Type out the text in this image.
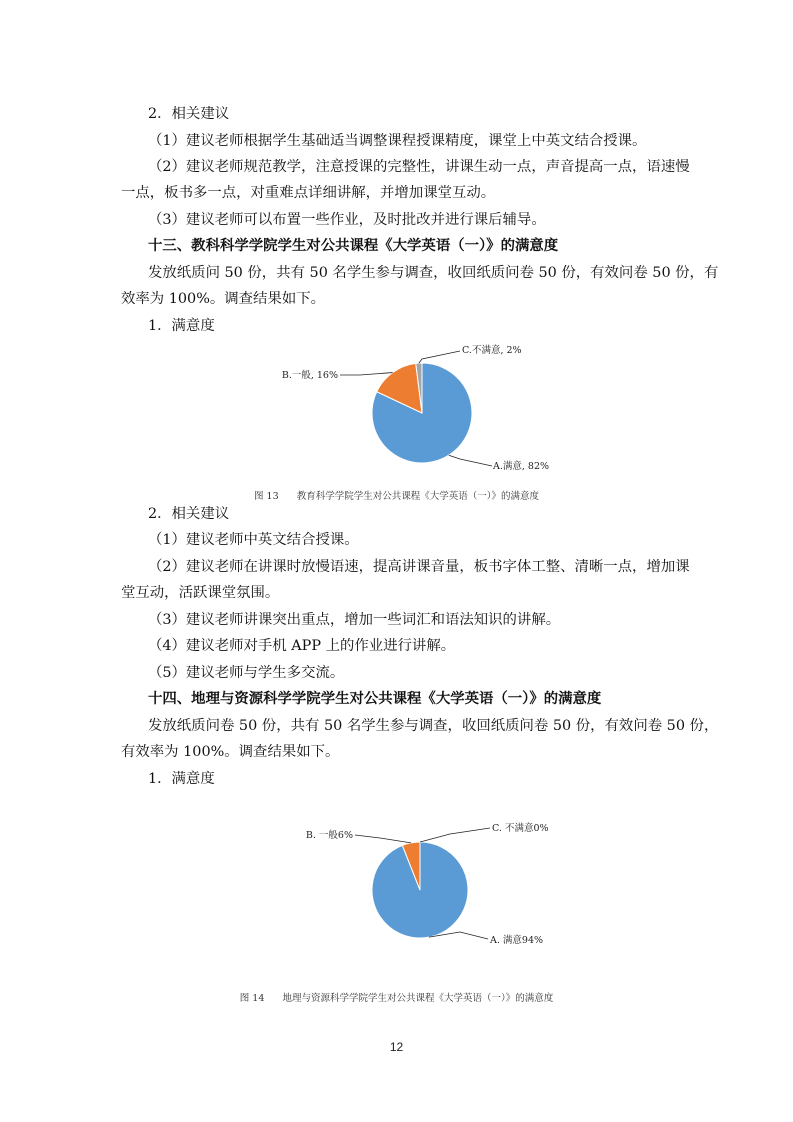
2．相关建议
（1）建议老师根据学生基础适当调整课程授课精度，课堂上中英文结合授课。
（2）建议老师规范教学，注意授课的完整性，讲课生动一点，声音提高一点，语速慢
一点，板书多一点，对重难点详细讲解，并增加课堂互动。
（3）建议老师可以布置一些作业，及时批改并进行课后辅导。
十三、教科科学学院学生对公共课程《大学英语（一）》的满意度
发放纸质问 50 份，共有 50 名学生参与调查，收回纸质问卷 50 份，有效问卷 50 份，有
效率为 100%。调查结果如下。
1．满意度
A.满意, 82%
B.一般, 16%
C.不满意, 2%
图 13      教育科学学院学生对公共课程《大学英语（一）》的满意度
2．相关建议
（1）建议老师中英文结合授课。
（2）建议老师在讲课时放慢语速，提高讲课音量，板书字体工整、清晰一点，增加课
堂互动，活跃课堂氛围。
（3）建议老师讲课突出重点，增加一些词汇和语法知识的讲解。
（4）建议老师对手机 APP 上的作业进行讲解。
（5）建议老师与学生多交流。
十四、地理与资源科学学院学生对公共课程《大学英语（一）》的满意度
发放纸质问卷 50 份，共有 50 名学生参与调查，收回纸质问卷 50 份，有效问卷 50 份，
有效率为 100%。调查结果如下。
1．满意度
A. 满意94%
B. 一般6%
C. 不满意0%
图 14      地理与资源科学学院学生对公共课程《大学英语（一）》的满意度
12
